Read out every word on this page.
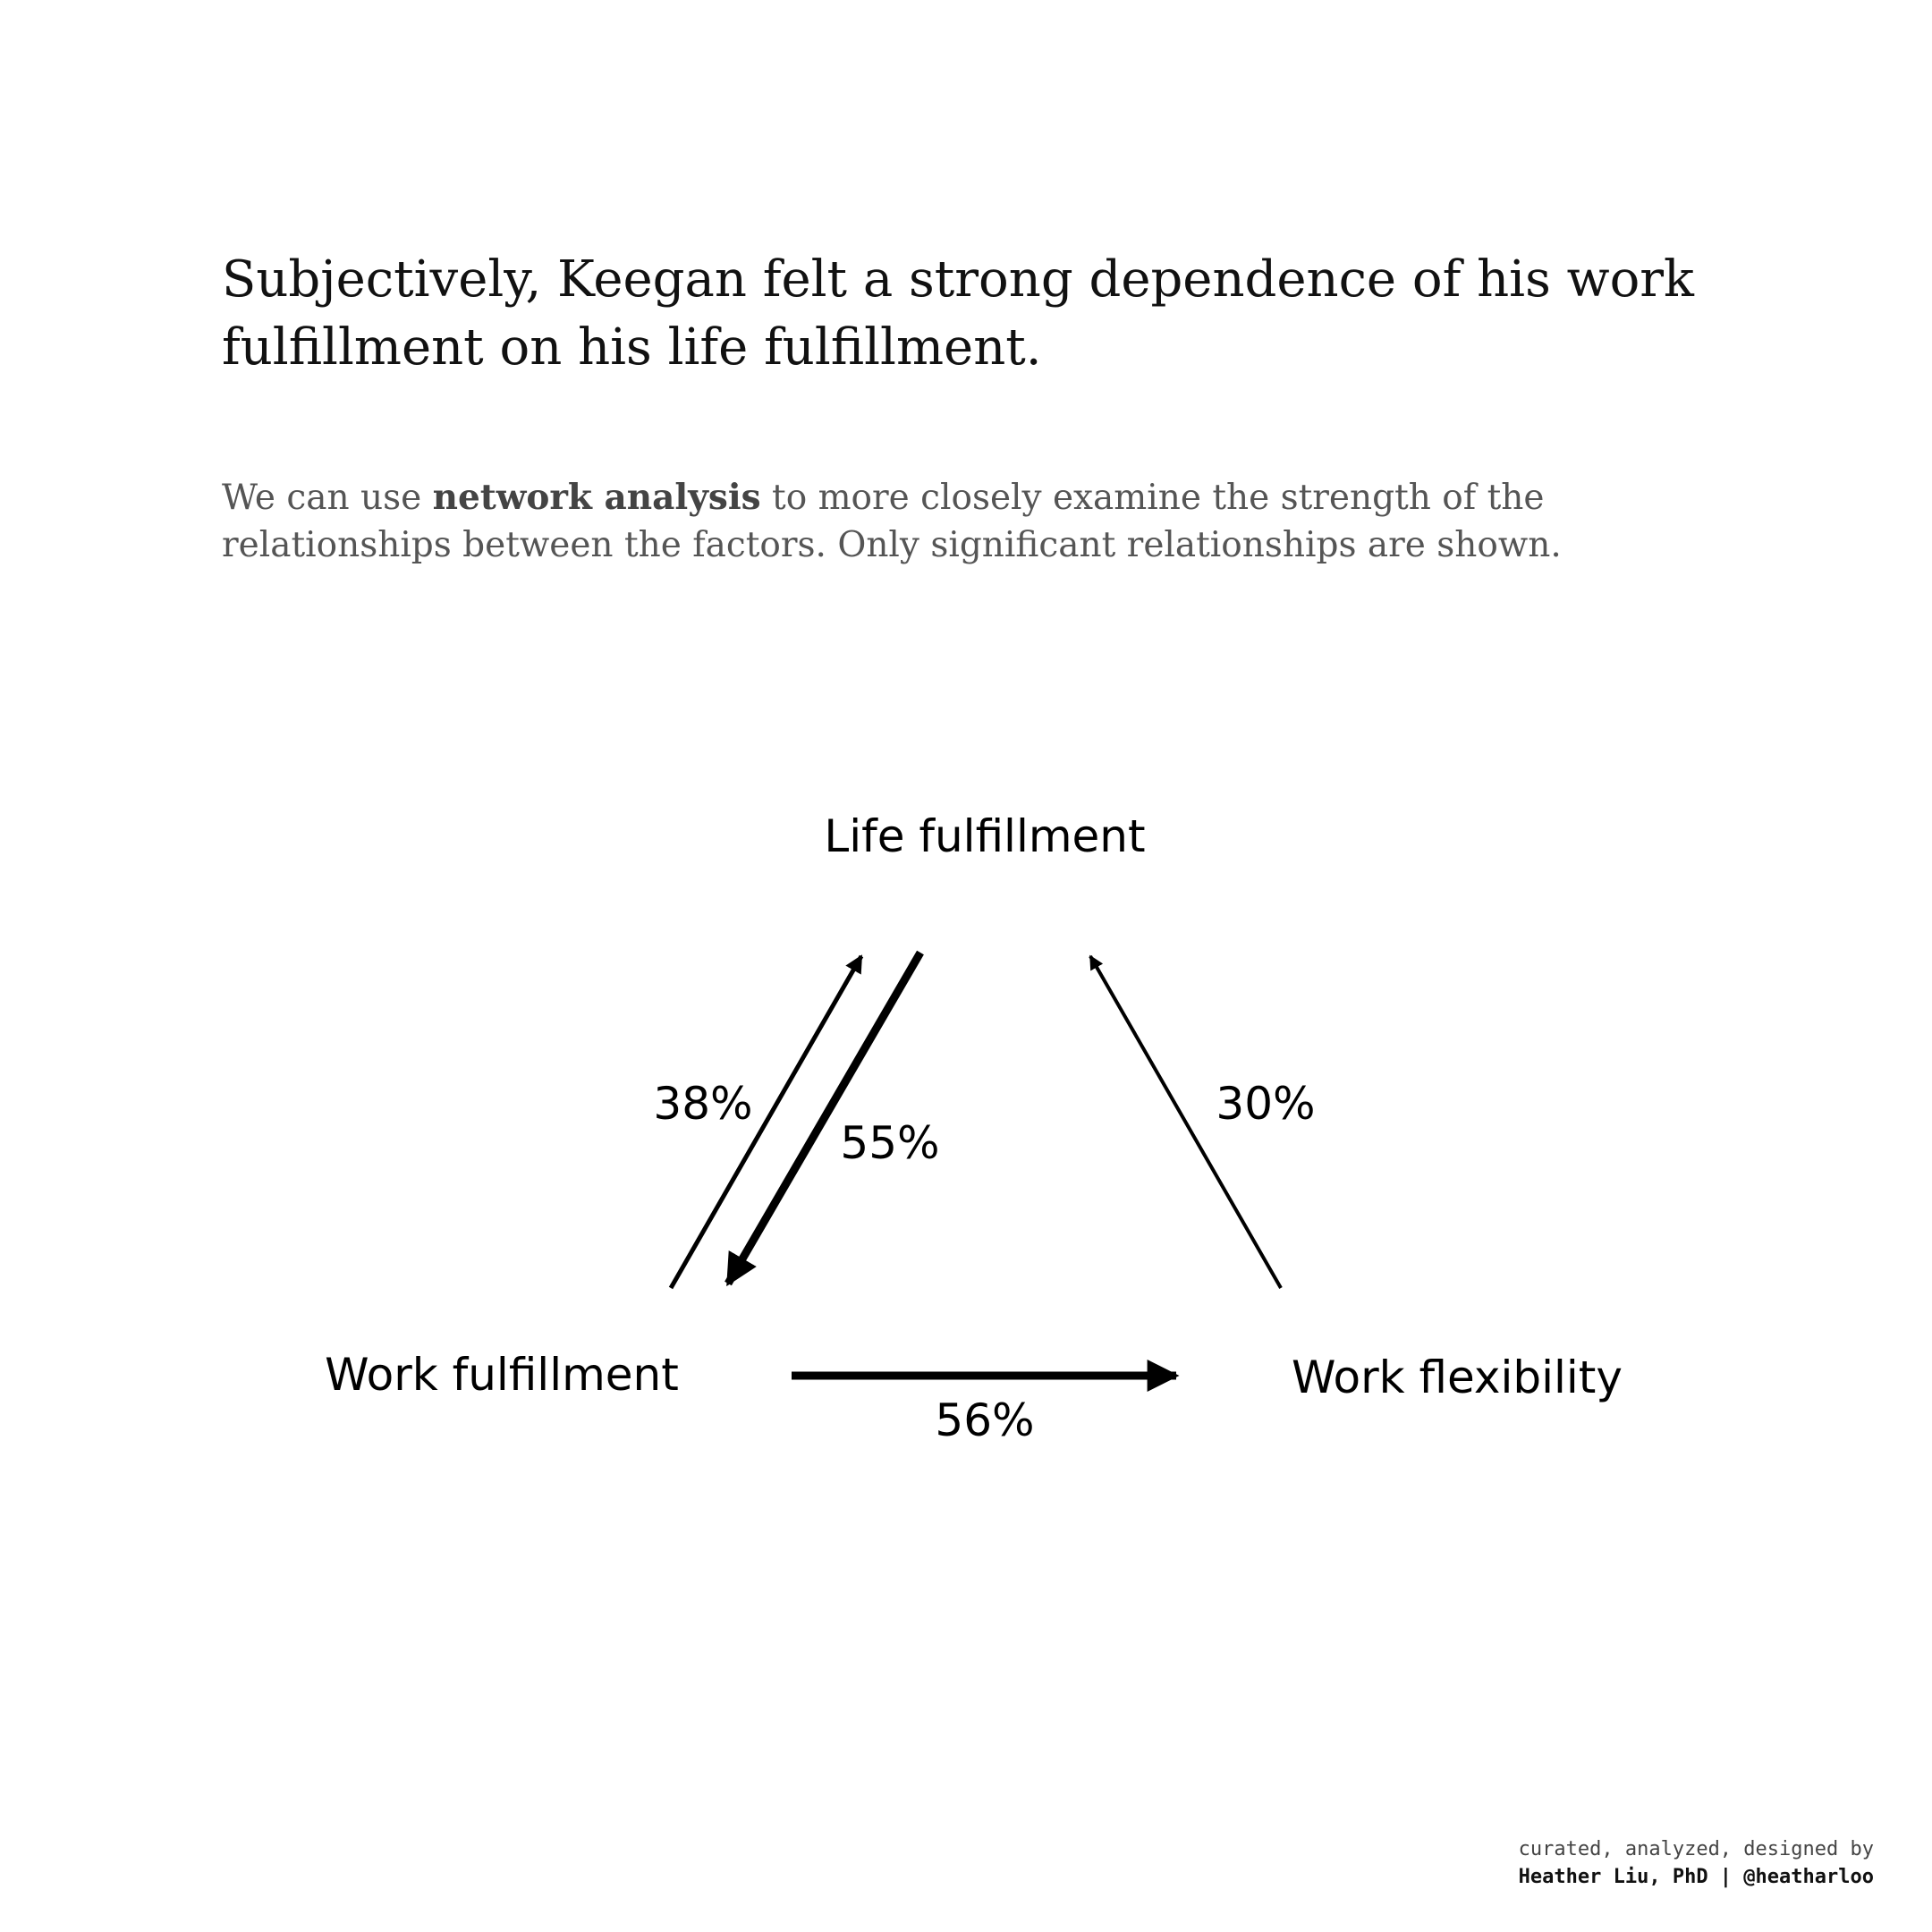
Subjectively, Keegan felt a strong dependence of his work fulfillment on his life fulfillment.

We can use network analysis to more closely examine the strength of the relationships between the factors. Only significant relationships are shown.

Life fulfillment
Work fulfillment	Work flexibility
38%
55%
30%
56%
curated, analyzed, designed by
Heather Liu, PhD | @heatharloo
